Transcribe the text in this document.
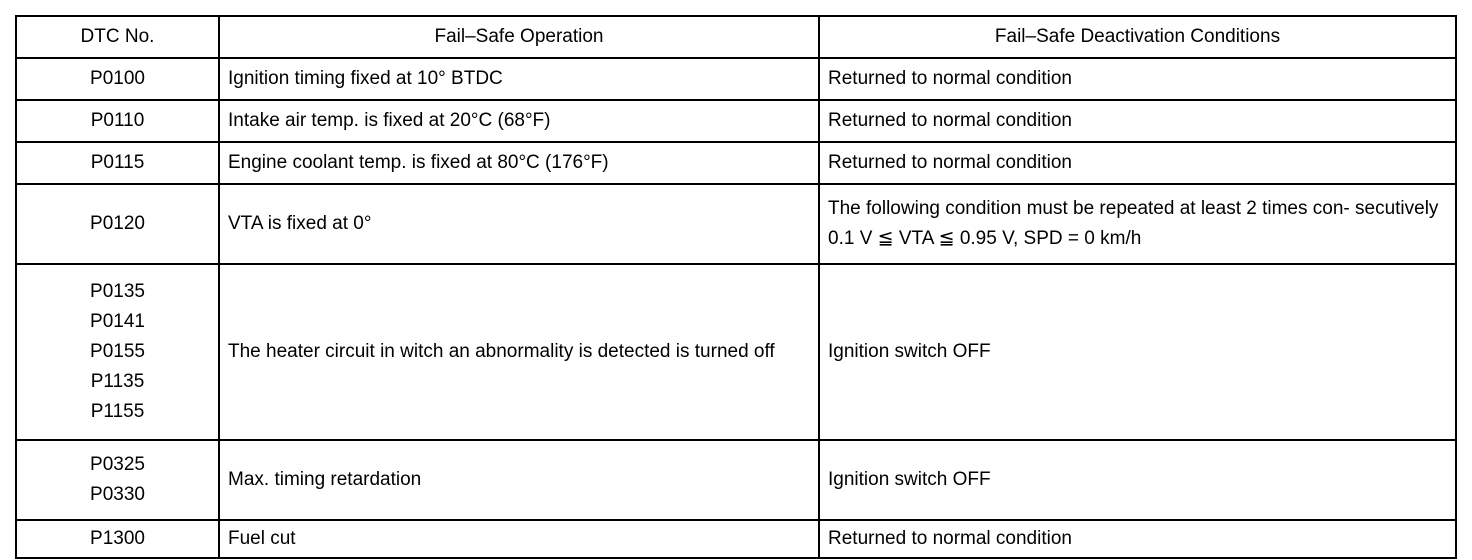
DTC No.	Fail–Safe Operation	Fail–Safe Deactivation Conditions

P0100	Ignition timing fixed at 10° BTDC	Returned to normal condition

P0110	Intake air temp. is fixed at 20°C (68°F)	Returned to normal condition

P0115	Engine coolant temp. is fixed at 80°C (176°F)	Returned to normal condition

P0120	VTA is fixed at 0°	The following condition must be repeated at least 2 times con- secutively 0.1 V ≦ VTA ≦ 0.95 V, SPD = 0 km/h

P0135
P0141
P0155
P1135
P1155	The heater circuit in witch an abnormality is detected is turned off	Ignition switch OFF

P0325
P0330	Max. timing retardation	Ignition switch OFF

P1300	Fuel cut	Returned to normal condition
